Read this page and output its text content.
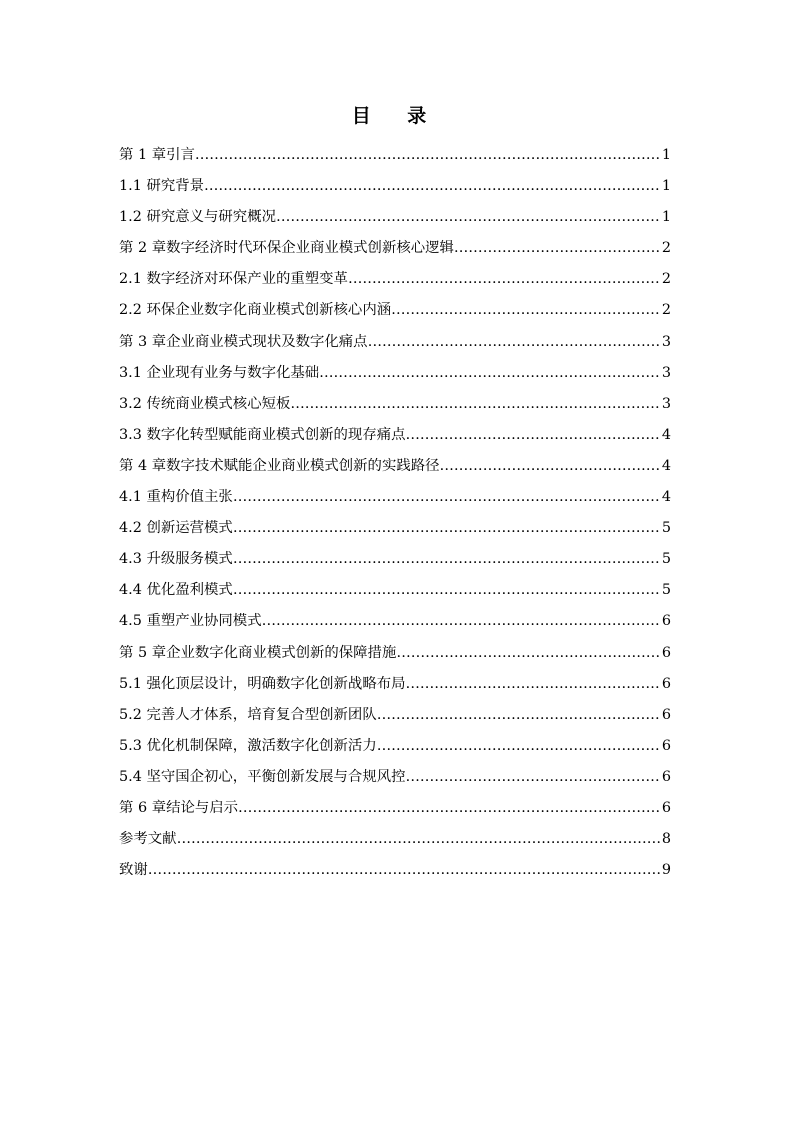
目 录
第 1 章引言 ……………………………………………………………………………………………………………………………………………………………………………………………………………………………………………………………	1
1.1 研究背景 ……………………………………………………………………………………………………………………………………………………………………………………………………………………………………………………………	1
1.2 研究意义与研究概况 ……………………………………………………………………………………………………………………………………………………………………………………………………………………………………………………………	1
第 2 章数字经济时代环保企业商业模式创新核心逻辑 ……………………………………………………………………………………………………………………………………………………………………………………………………………………………………………………………	2
2.1 数字经济对环保产业的重塑变革 ……………………………………………………………………………………………………………………………………………………………………………………………………………………………………………………………	2
2.2 环保企业数字化商业模式创新核心内涵 ……………………………………………………………………………………………………………………………………………………………………………………………………………………………………………………………	2
第 3 章企业商业模式现状及数字化痛点 ……………………………………………………………………………………………………………………………………………………………………………………………………………………………………………………………	3
3.1 企业现有业务与数字化基础 ……………………………………………………………………………………………………………………………………………………………………………………………………………………………………………………………	3
3.2 传统商业模式核心短板 ……………………………………………………………………………………………………………………………………………………………………………………………………………………………………………………………	3
3.3 数字化转型赋能商业模式创新的现存痛点 ……………………………………………………………………………………………………………………………………………………………………………………………………………………………………………………………	4
第 4 章数字技术赋能企业商业模式创新的实践路径 ……………………………………………………………………………………………………………………………………………………………………………………………………………………………………………………………	4
4.1 重构价值主张 ……………………………………………………………………………………………………………………………………………………………………………………………………………………………………………………………	4
4.2 创新运营模式 ……………………………………………………………………………………………………………………………………………………………………………………………………………………………………………………………	5
4.3 升级服务模式 ……………………………………………………………………………………………………………………………………………………………………………………………………………………………………………………………	5
4.4 优化盈利模式 ……………………………………………………………………………………………………………………………………………………………………………………………………………………………………………………………	5
4.5 重塑产业协同模式 ……………………………………………………………………………………………………………………………………………………………………………………………………………………………………………………………	6
第 5 章企业数字化商业模式创新的保障措施 ……………………………………………………………………………………………………………………………………………………………………………………………………………………………………………………………	6
5.1 强化顶层设计，明确数字化创新战略布局 ……………………………………………………………………………………………………………………………………………………………………………………………………………………………………………………………	6
5.2 完善人才体系，培育复合型创新团队 ……………………………………………………………………………………………………………………………………………………………………………………………………………………………………………………………	6
5.3 优化机制保障，激活数字化创新活力 ……………………………………………………………………………………………………………………………………………………………………………………………………………………………………………………………	6
5.4 坚守国企初心，平衡创新发展与合规风控 ……………………………………………………………………………………………………………………………………………………………………………………………………………………………………………………………	6
第 6 章结论与启示 ……………………………………………………………………………………………………………………………………………………………………………………………………………………………………………………………	6
参考文献 ……………………………………………………………………………………………………………………………………………………………………………………………………………………………………………………………	8
致谢 ……………………………………………………………………………………………………………………………………………………………………………………………………………………………………………………………	9
